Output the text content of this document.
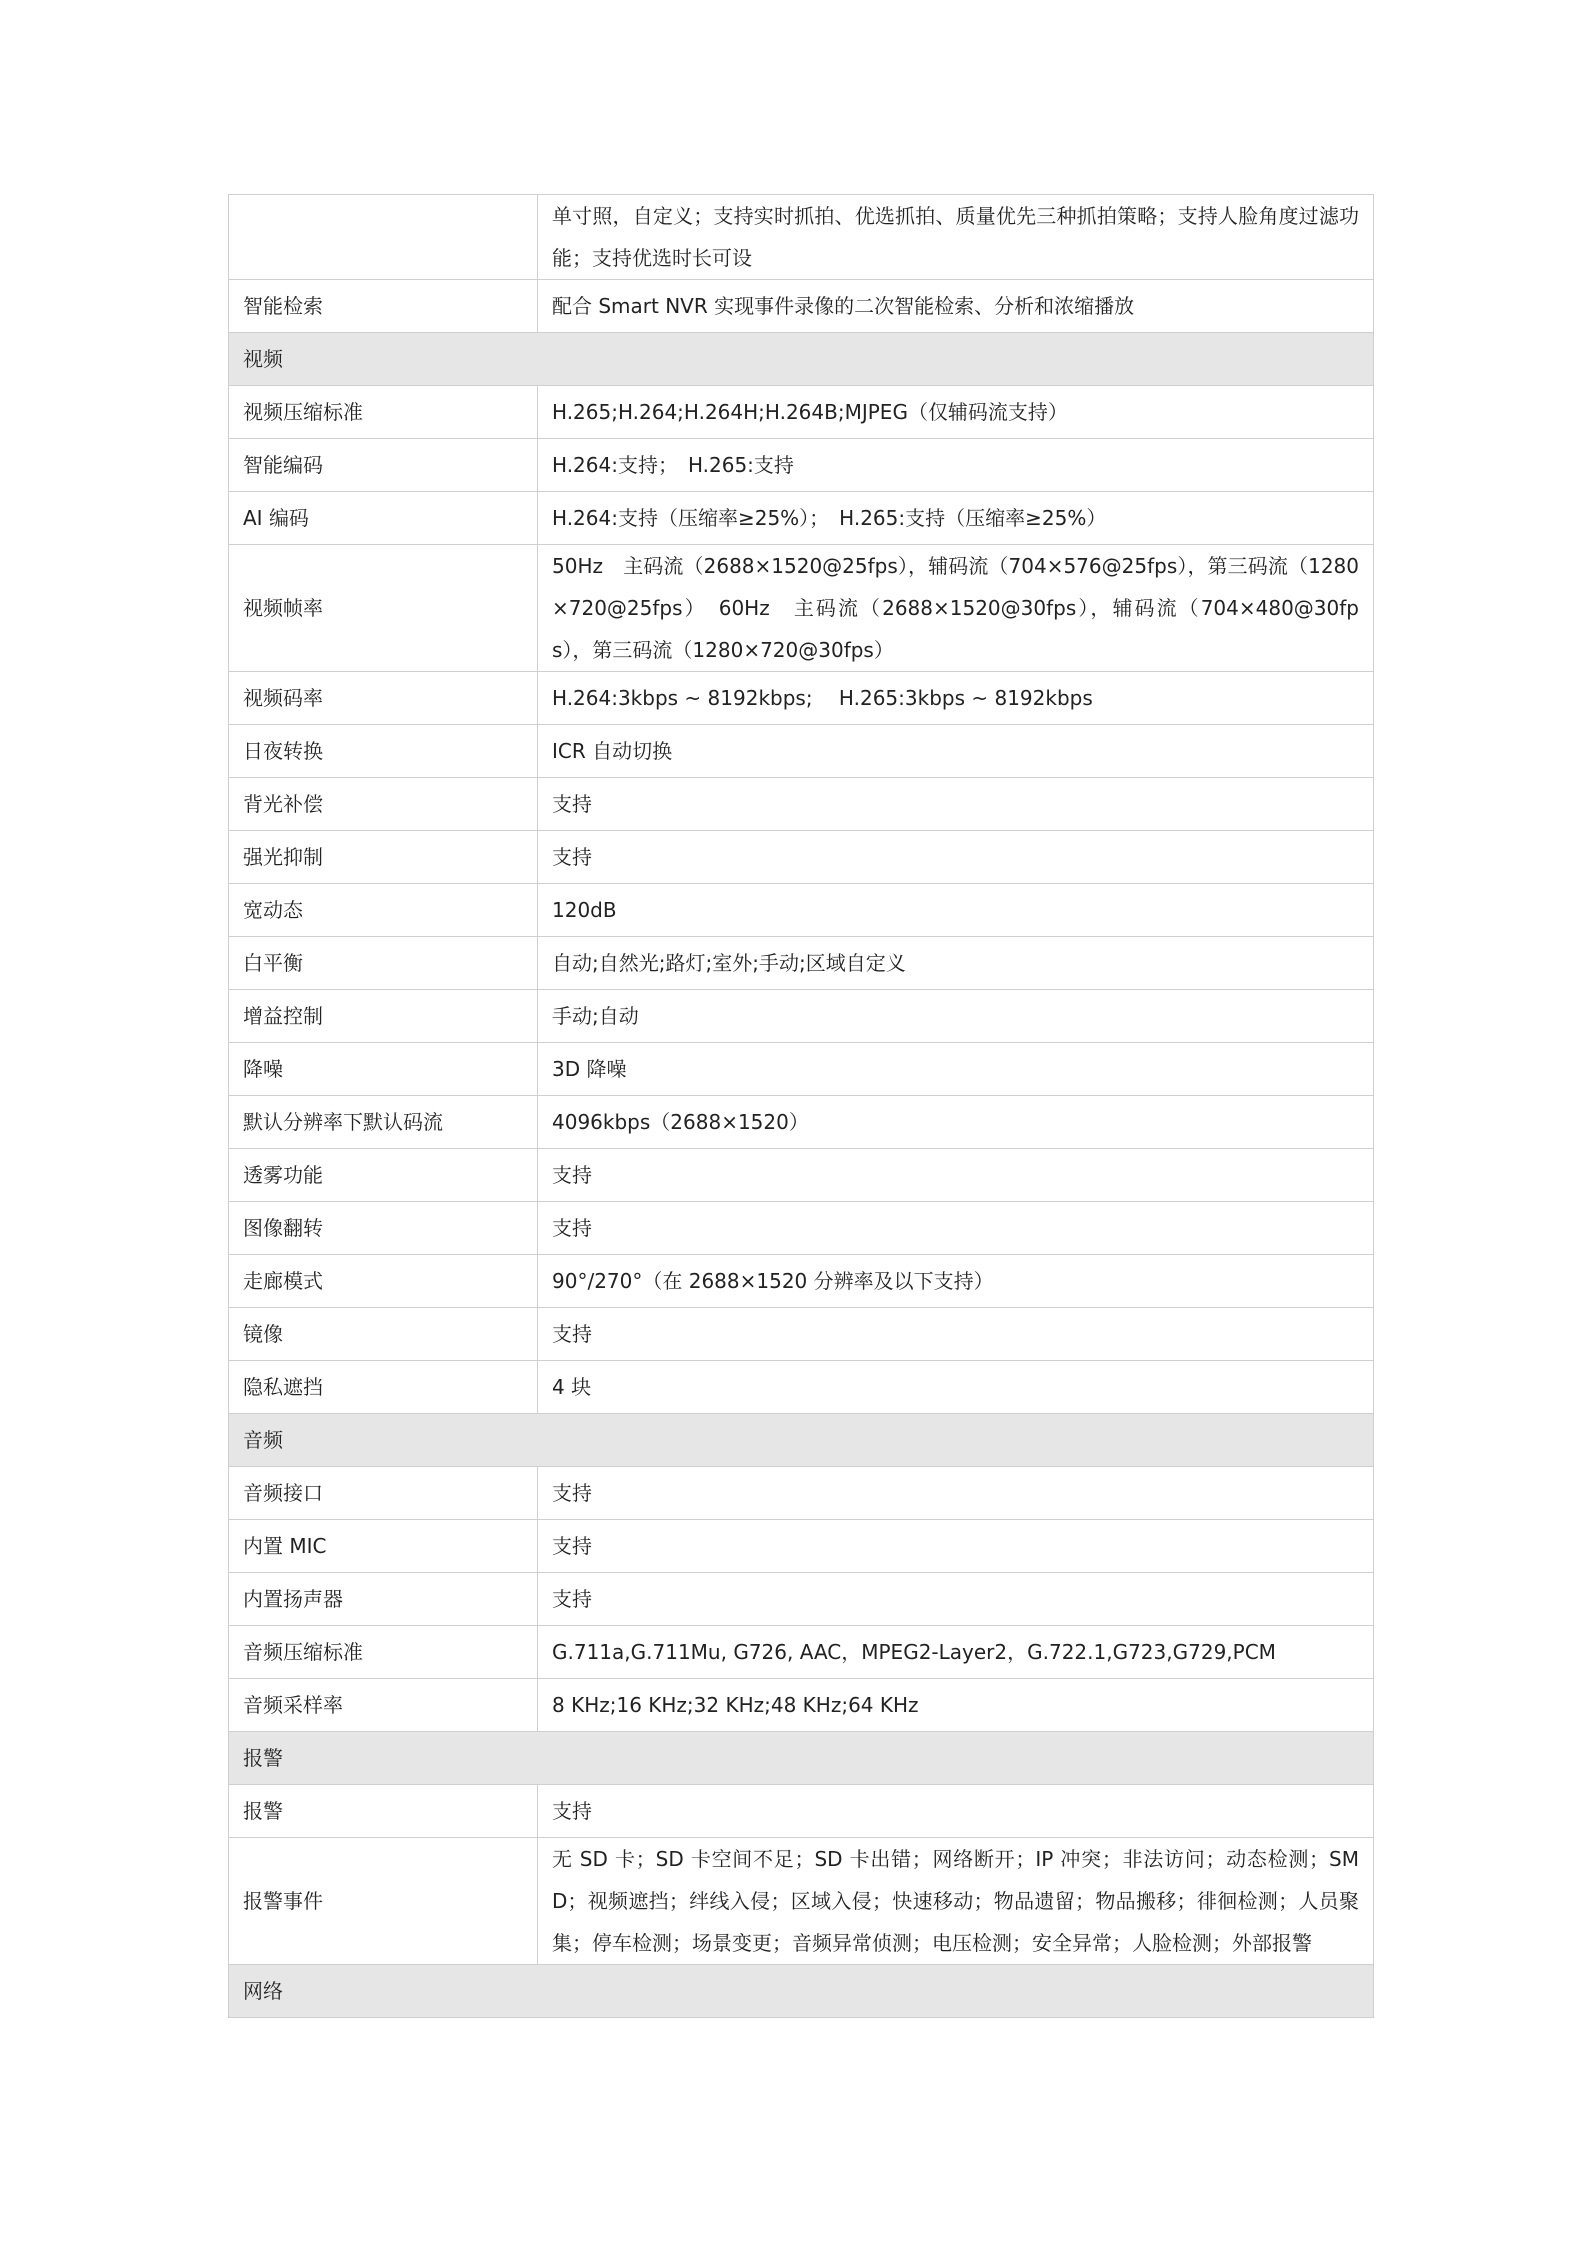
	单寸照，自定义；支持实时抓拍、优选抓拍、质量优先三种抓拍策略；支持人脸角度过滤功能；支持优选时长可设
智能检索	配合 Smart NVR 实现事件录像的二次智能检索、分析和浓缩播放
视频	
视频压缩标准	H.265;H.264;H.264H;H.264B;MJPEG（仅辅码流支持）
智能编码	H.264:支持；　H.265:支持
AI 编码	H.264:支持（压缩率≥25%）；　H.265:支持（压缩率≥25%）
视频帧率	50Hz　主码流（2688×1520@25fps），辅码流（704×576@25fps），第三码流（1280×720@25fps）　60Hz　主码流（2688×1520@30fps），辅码流（704×480@30fps），第三码流（1280×720@30fps）
视频码率	H.264:3kbps ~ 8192kbps;　 H.265:3kbps ~ 8192kbps
日夜转换	ICR 自动切换
背光补偿	支持
强光抑制	支持
宽动态	120dB
白平衡	自动;自然光;路灯;室外;手动;区域自定义
增益控制	手动;自动
降噪	3D 降噪
默认分辨率下默认码流	4096kbps（2688×1520）
透雾功能	支持
图像翻转	支持
走廊模式	90°/270°（在 2688×1520 分辨率及以下支持）
镜像	支持
隐私遮挡	4 块
音频	
音频接口	支持
内置 MIC	支持
内置扬声器	支持
音频压缩标准	G.711a,G.711Mu, G726, AAC，MPEG2-Layer2，G.722.1,G723,G729,PCM
音频采样率	8 KHz;16 KHz;32 KHz;48 KHz;64 KHz
报警	
报警	支持
报警事件	无 SD 卡；SD 卡空间不足；SD 卡出错；网络断开；IP 冲突；非法访问；动态检测；SMD；视频遮挡；绊线入侵；区域入侵；快速移动；物品遗留；物品搬移；徘徊检测；人员聚集；停车检测；场景变更；音频异常侦测；电压检测；安全异常；人脸检测；外部报警
网络	
